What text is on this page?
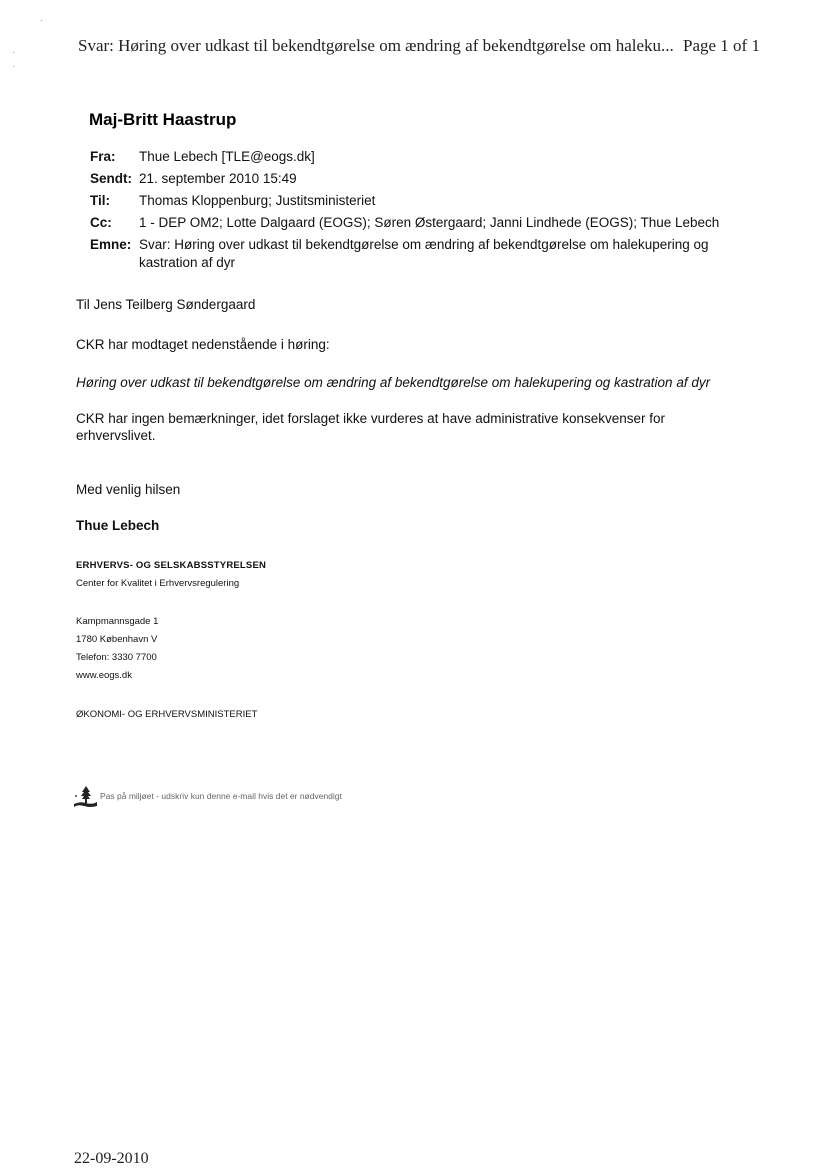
·
·
·
Svar: Høring over udkast til bekendtgørelse om ændring af bekendtgørelse om haleku... Page 1 of 1
Maj-Britt Haastrup
Fra:	Thue Lebech [TLE@eogs.dk]
Sendt: 21. september 2010 15:49
Til:	Thomas Kloppenburg; Justitsministeriet
Cc:	1 - DEP OM2; Lotte Dalgaard (EOGS); Søren Østergaard; Janni Lindhede (EOGS); Thue Lebech
Emne: Svar: Høring over udkast til bekendtgørelse om ændring af bekendtgørelse om halekupering og kastration af dyr
Til Jens Teilberg Søndergaard
CKR har modtaget nedenstående i høring:
Høring over udkast til bekendtgørelse om ændring af bekendtgørelse om halekupering og kastration af dyr
CKR har ingen bemærkninger, idet forslaget ikke vurderes at have administrative konsekvenser for erhvervslivet.
Med venlig hilsen
Thue Lebech
ERHVERVS- OG SELSKABSSTYRELSEN
Center for Kvalitet i Erhvervsregulering
Kampmannsgade 1
1780 København V
Telefon: 3330 7700
www.eogs.dk
ØKONOMI- OG ERHVERVSMINISTERIET
Pas på miljøet - udskriv kun denne e-mail hvis det er nødvendigt
22-09-2010
